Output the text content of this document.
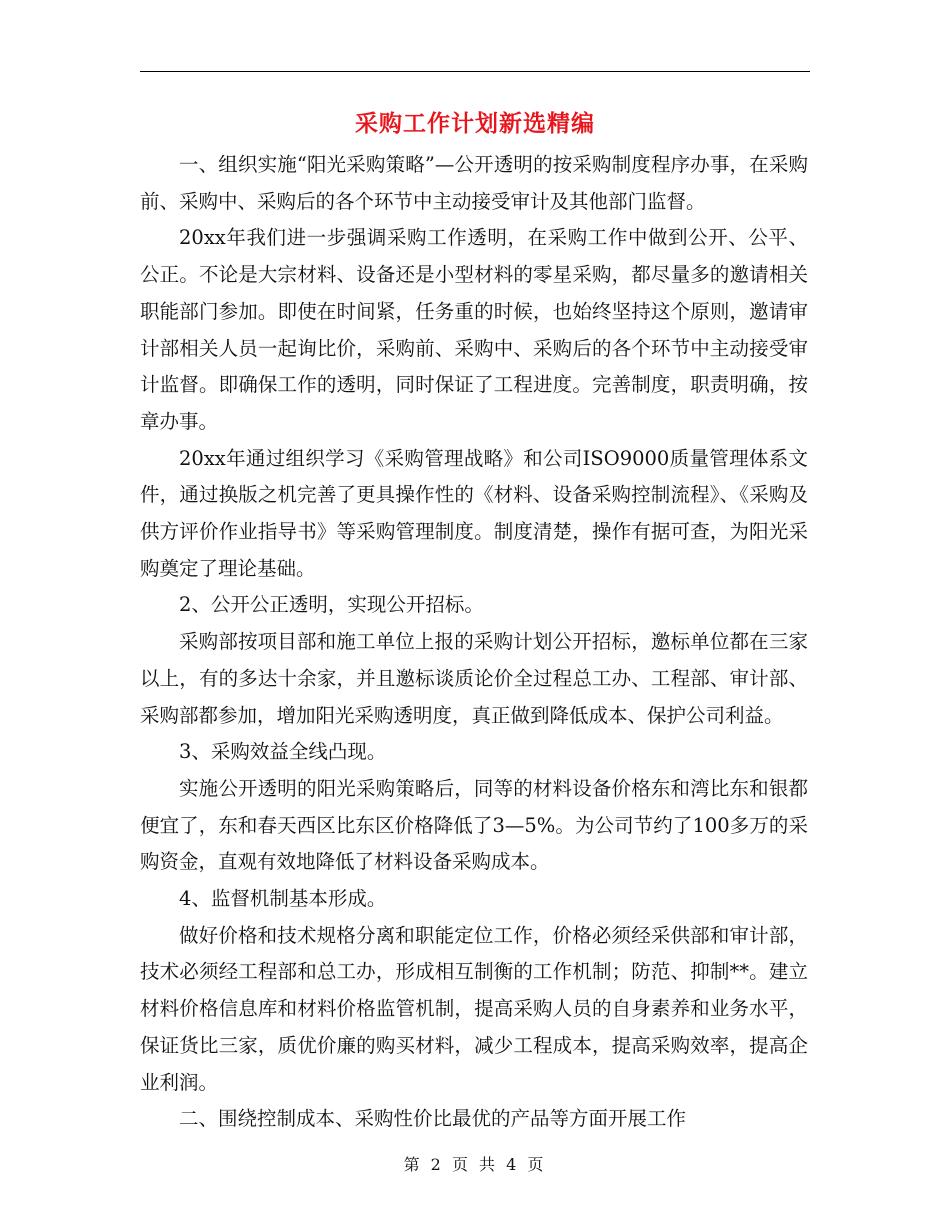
采购工作计划新选精编

一、组织实施“阳光采购策略”—公开透明的按采购制度程序办事，在采购前、采购中、采购后的各个环节中主动接受审计及其他部门监督。

20xx年我们进一步强调采购工作透明，在采购工作中做到公开、公平、公正。不论是大宗材料、设备还是小型材料的零星采购，都尽量多的邀请相关职能部门参加。即使在时间紧，任务重的时候，也始终坚持这个原则，邀请审计部相关人员一起询比价，采购前、采购中、采购后的各个环节中主动接受审计监督。即确保工作的透明，同时保证了工程进度。完善制度，职责明确，按章办事。

20xx年通过组织学习《采购管理战略》和公司ISO9000质量管理体系文件，通过换版之机完善了更具操作性的《材料、设备采购控制流程》、《采购及供方评价作业指导书》等采购管理制度。制度清楚，操作有据可查，为阳光采购奠定了理论基础。

2、公开公正透明，实现公开招标。

采购部按项目部和施工单位上报的采购计划公开招标，邀标单位都在三家以上，有的多达十余家，并且邀标谈质论价全过程总工办、工程部、审计部、采购部都参加，增加阳光采购透明度，真正做到降低成本、保护公司利益。

3、采购效益全线凸现。

实施公开透明的阳光采购策略后，同等的材料设备价格东和湾比东和银都便宜了，东和春天西区比东区价格降低了3—5%。为公司节约了100多万的采购资金，直观有效地降低了材料设备采购成本。

4、监督机制基本形成。

做好价格和技术规格分离和职能定位工作，价格必须经采供部和审计部，技术必须经工程部和总工办，形成相互制衡的工作机制；防范、抑制**。建立材料价格信息库和材料价格监管机制，提高采购人员的自身素养和业务水平，保证货比三家，质优价廉的购买材料，减少工程成本，提高采购效率，提高企业利润。

二、围绕控制成本、采购性价比最优的产品等方面开展工作

第 2 页 共 4 页
